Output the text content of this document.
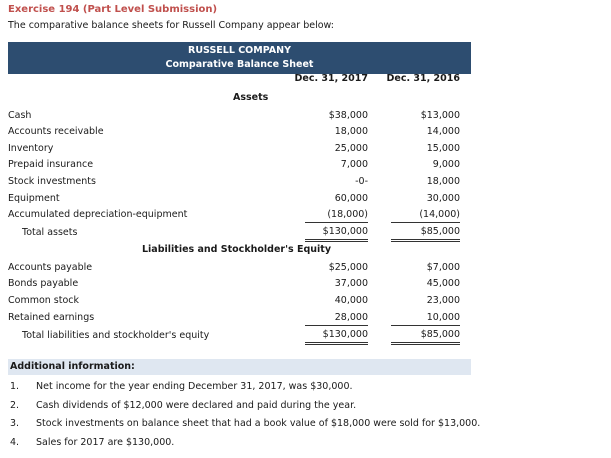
Exercise 194 (Part Level Submission)
The comparative balance sheets for Russell Company appear below:
RUSSELL COMPANY
Comparative Balance Sheet
Dec. 31, 2017	Dec. 31, 2016
Assets
Cash	$38,000	$13,000
Accounts receivable	18,000	14,000
Inventory	25,000	15,000
Prepaid insurance	7,000	9,000
Stock investments	-0-	18,000
Equipment	60,000	30,000
Accumulated depreciation-equipment	(18,000)	(14,000)
Total assets	$130,000	$85,000
Liabilities and Stockholder's Equity
Accounts payable	$25,000	$7,000
Bonds payable	37,000	45,000
Common stock	40,000	23,000
Retained earnings	28,000	10,000
Total liabilities and stockholder's equity	$130,000	$85,000
Additional information:
1. Net income for the year ending December 31, 2017, was $30,000.
2. Cash dividends of $12,000 were declared and paid during the year.
3. Stock investments on balance sheet that had a book value of $18,000 were sold for $13,000.
4. Sales for 2017 are $130,000.
